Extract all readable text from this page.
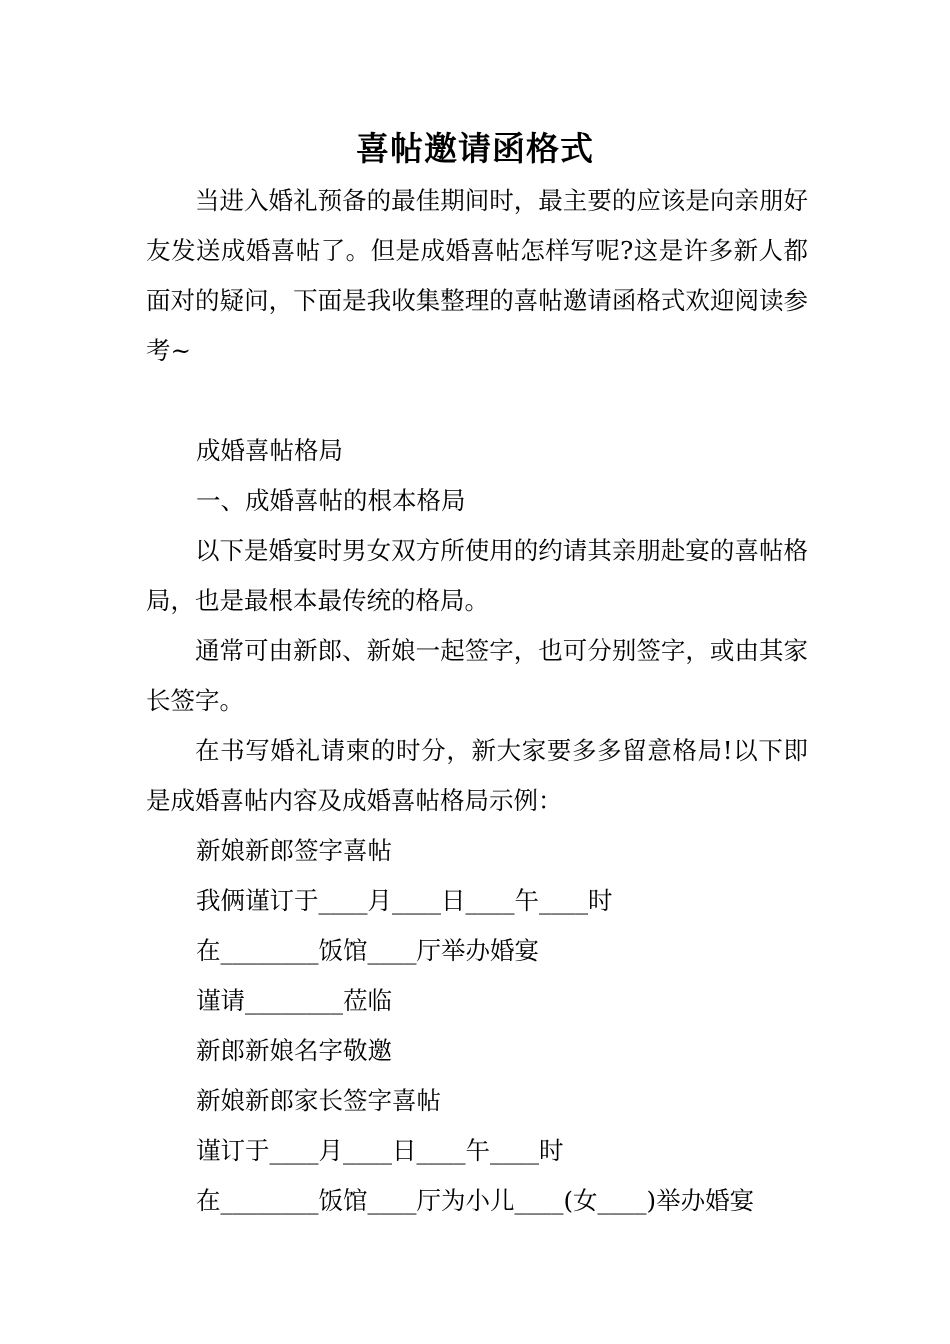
喜帖邀请函格式

当进入婚礼预备的最佳期间时，最主要的应该是向亲朋好友发送成婚喜帖了。但是成婚喜帖怎样写呢?这是许多新人都面对的疑问，下面是我收集整理的喜帖邀请函格式欢迎阅读参考~

成婚喜帖格局

一、成婚喜帖的根本格局

以下是婚宴时男女双方所使用的约请其亲朋赴宴的喜帖格局，也是最根本最传统的格局。

通常可由新郎、新娘一起签字，也可分别签字，或由其家长签字。

在书写婚礼请柬的时分，新大家要多多留意格局!以下即是成婚喜帖内容及成婚喜帖格局示例：

新娘新郎签字喜帖

我俩谨订于____月____日____午____时

在________饭馆____厅举办婚宴

谨请________莅临

新郎新娘名字敬邀

新娘新郎家长签字喜帖

谨订于____月____日____午____时

在________饭馆____厅为小儿____(女____)举办婚宴
